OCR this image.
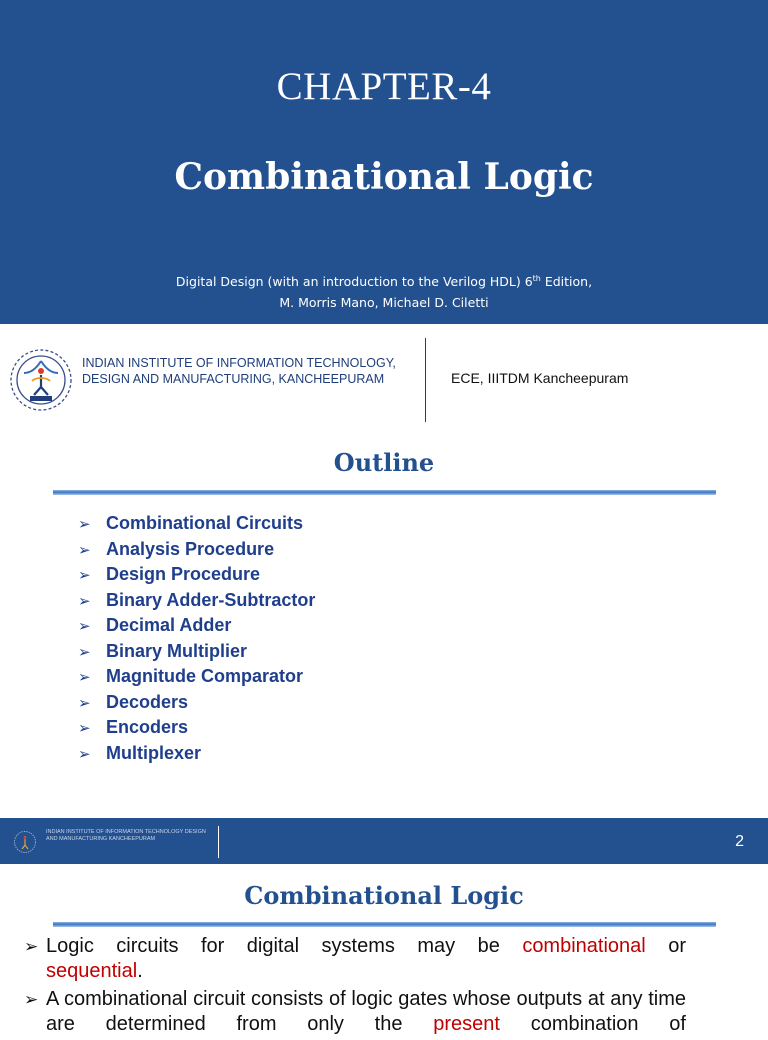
CHAPTER-4
Combinational Logic
Digital Design (with an introduction to the Verilog HDL) 6th Edition,
M. Morris Mano, Michael D. Ciletti
INDIAN INSTITUTE OF INFORMATION TECHNOLOGY, DESIGN AND MANUFACTURING, KANCHEEPURAM	ECE, IIITDM Kancheepuram
Outline
➢ Combinational Circuits
➢ Analysis Procedure
➢ Design Procedure
➢ Binary Adder-Subtractor
➢ Decimal Adder
➢ Binary Multiplier
➢ Magnitude Comparator
➢ Decoders
➢ Encoders
➢ Multiplexer
INDIAN INSTITUTE OF INFORMATION TECHNOLOGY DESIGN AND MANUFACTURING KANCHEEPURAM	2
Combinational Logic
➢ Logic circuits for digital systems may be combinational or
sequential.
➢ A combinational circuit consists of logic gates whose outputs at any time are determined from only the present combination of
